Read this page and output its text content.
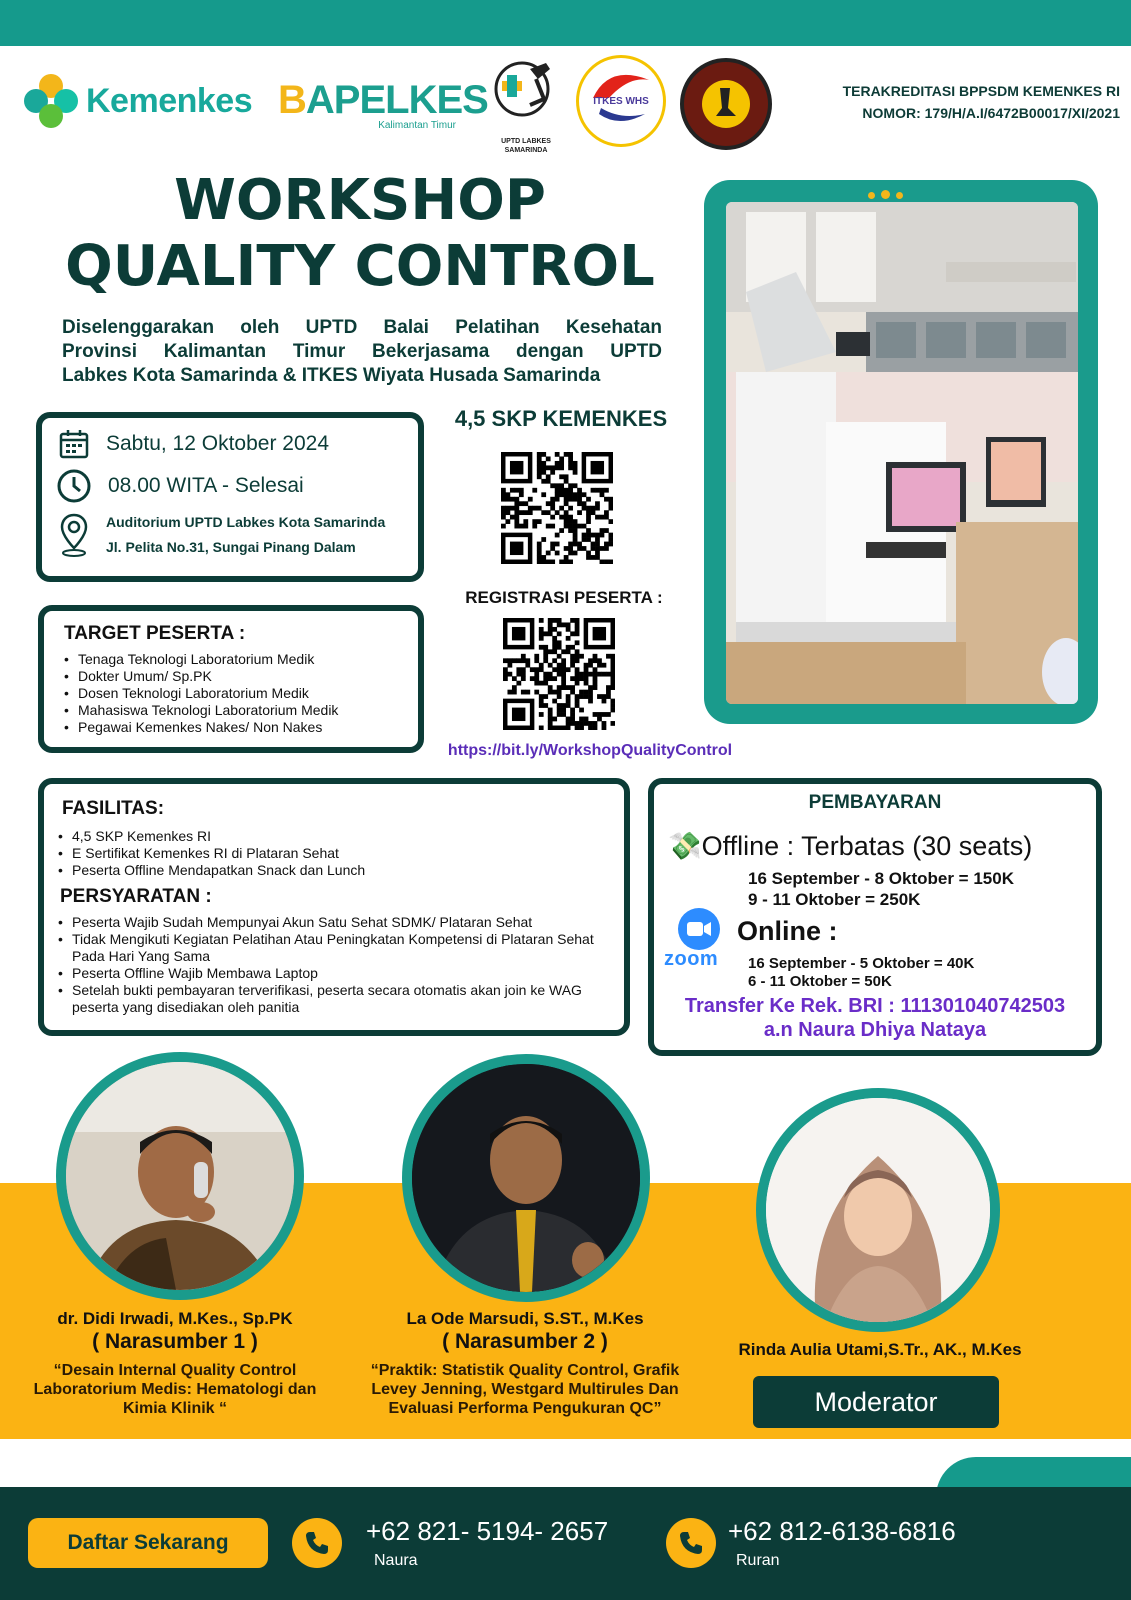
Kemenkes BAPELKES
Kalimantan Timur
UPTD LABKES SAMARINDA
ITKES WHS
TERAKREDITASI BPPSDM KEMENKES RI
NOMOR: 179/H/A.I/6472B00017/XI/2021
WORKSHOP
QUALITY CONTROL
Diselenggarakan oleh UPTD Balai Pelatihan Kesehatan
Provinsi Kalimantan Timur Bekerjasama dengan UPTD
Labkes Kota Samarinda & ITKES Wiyata Husada Samarinda
Sabtu, 12 Oktober 2024
08.00 WITA - Selesai
Auditorium UPTD Labkes Kota Samarinda
Jl. Pelita No.31, Sungai Pinang Dalam
TARGET PESERTA :
• Tenaga Teknologi Laboratorium Medik
• Dokter Umum/ Sp.PK
• Dosen Teknologi Laboratorium Medik
• Mahasiswa Teknologi Laboratorium Medik
• Pegawai Kemenkes Nakes/ Non Nakes
4,5 SKP KEMENKES
REGISTRASI PESERTA :
https://bit.ly/WorkshopQualityControl
FASILITAS:
• 4,5 SKP Kemenkes RI
• E Sertifikat Kemenkes RI di Plataran Sehat
• Peserta Offline Mendapatkan Snack dan Lunch
PERSYARATAN :
• Peserta Wajib Sudah Mempunyai Akun Satu Sehat SDMK/ Plataran Sehat
• Tidak Mengikuti Kegiatan Pelatihan Atau Peningkatan Kompetensi di Plataran Sehat Pada Hari Yang Sama
• Peserta Offline Wajib Membawa Laptop
• Setelah bukti pembayaran terverifikasi, peserta secara otomatis akan join ke WAG peserta yang disediakan oleh panitia
PEMBAYARAN
💸Offline : Terbatas (30 seats)
16 September - 8 Oktober = 150K
9 - 11 Oktober = 250K
zoom
Online :
16 September - 5 Oktober = 40K
6 - 11 Oktober = 50K
Transfer Ke Rek. BRI : 111301040742503
a.n Naura Dhiya Nataya
dr. Didi Irwadi, M.Kes., Sp.PK
( Narasumber 1 )
“Desain Internal Quality Control
Laboratorium Medis: Hematologi dan
Kimia Klinik “
La Ode Marsudi, S.ST., M.Kes
( Narasumber 2 )
“Praktik: Statistik Quality Control, Grafik
Levey Jenning, Westgard Multirules Dan
Evaluasi Performa Pengukuran QC”
Rinda Aulia Utami,S.Tr., AK., M.Kes
Moderator
Daftar Sekarang	+62 821- 5194- 2657
Naura
+62 812-6138-6816
Ruran
